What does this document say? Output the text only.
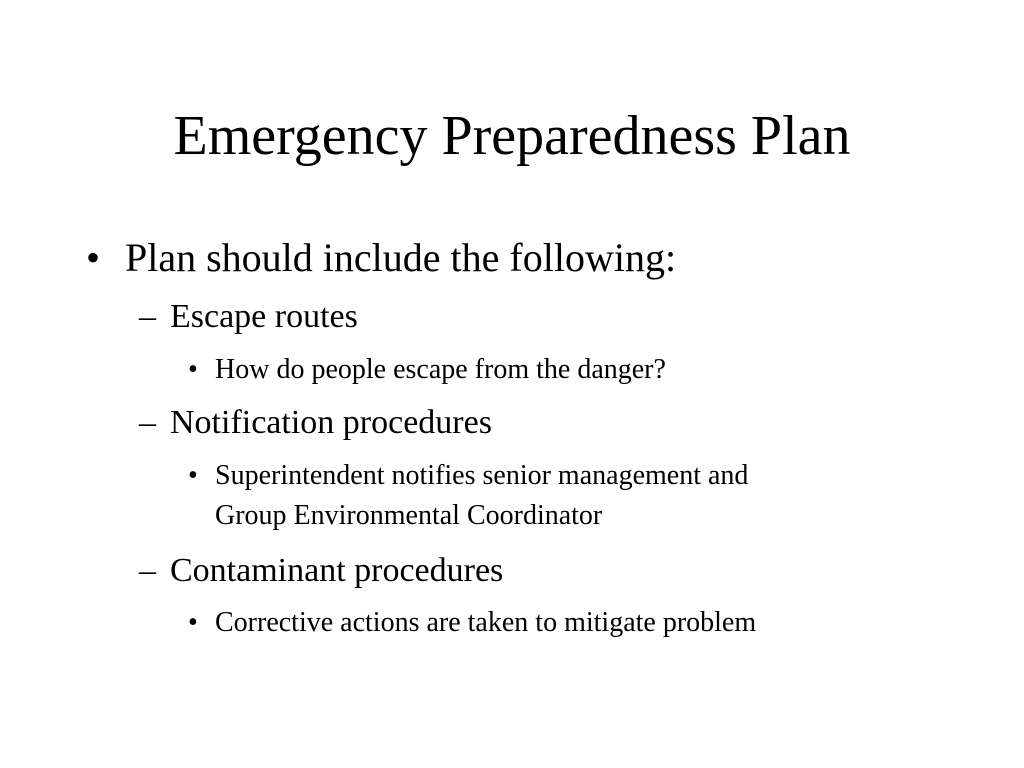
Emergency Preparedness Plan
• Plan should include the following:
– Escape routes
• How do people escape from the danger?
– Notification procedures
• Superintendent notifies senior management and
Group Environmental Coordinator
– Contaminant procedures
• Corrective actions are taken to mitigate problem
